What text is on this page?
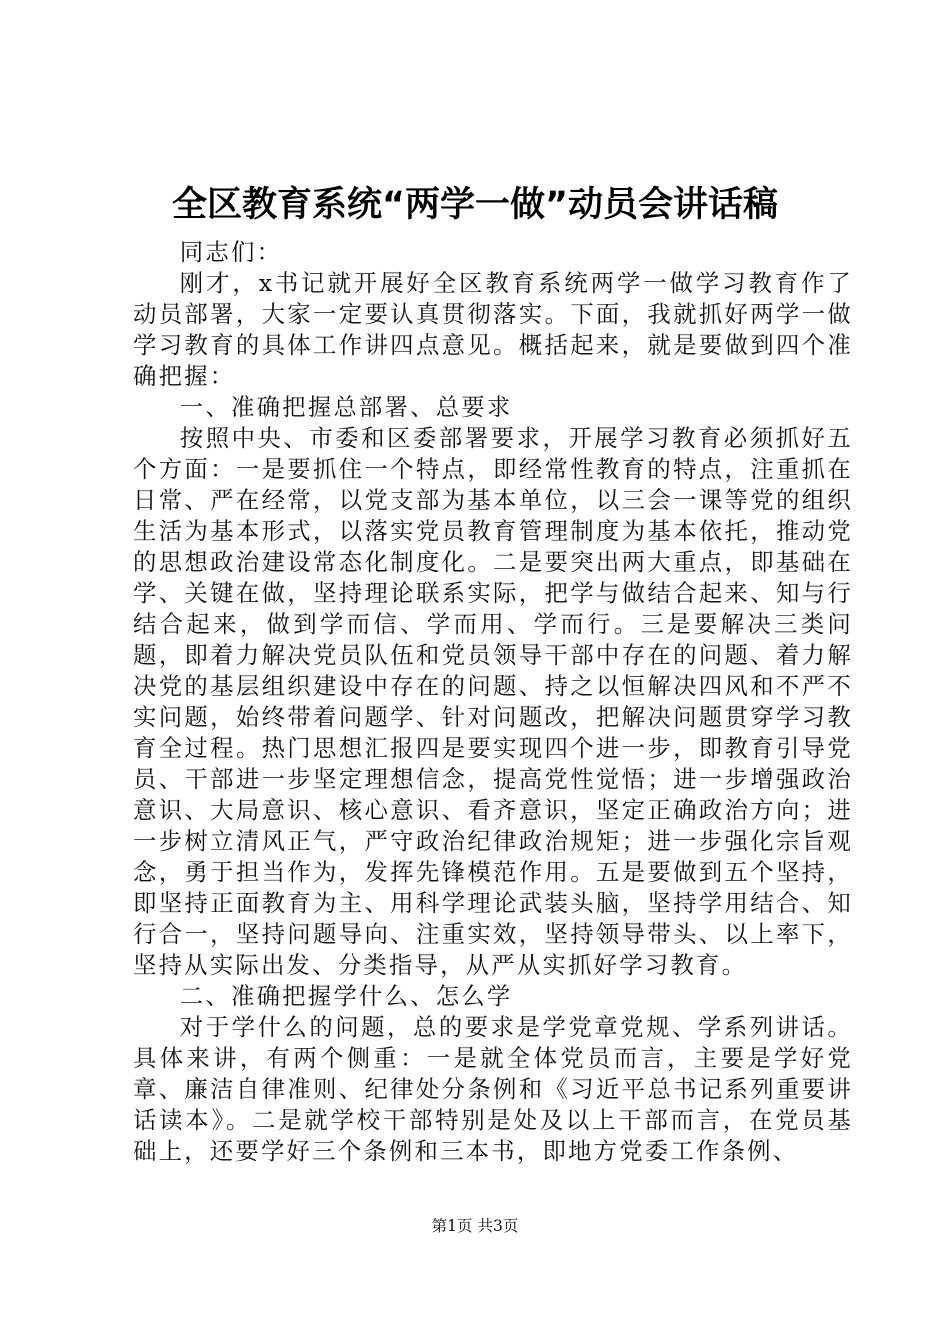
全区教育系统“两学一做”动员会讲话稿

同志们：

刚才，x书记就开展好全区教育系统两学一做学习教育作了动员部署，大家一定要认真贯彻落实。下面，我就抓好两学一做学习教育的具体工作讲四点意见。概括起来，就是要做到四个准确把握：

一、准确把握总部署、总要求

按照中央、市委和区委部署要求，开展学习教育必须抓好五个方面：一是要抓住一个特点，即经常性教育的特点，注重抓在日常、严在经常，以党支部为基本单位，以三会一课等党的组织生活为基本形式，以落实党员教育管理制度为基本依托，推动党的思想政治建设常态化制度化。二是要突出两大重点，即基础在学、关键在做，坚持理论联系实际，把学与做结合起来、知与行结合起来，做到学而信、学而用、学而行。三是要解决三类问题，即着力解决党员队伍和党员领导干部中存在的问题、着力解决党的基层组织建设中存在的问题、持之以恒解决四风和不严不实问题，始终带着问题学、针对问题改，把解决问题贯穿学习教育全过程。热门思想汇报四是要实现四个进一步，即教育引导党员、干部进一步坚定理想信念，提高党性觉悟；进一步增强政治意识、大局意识、核心意识、看齐意识，坚定正确政治方向；进一步树立清风正气，严守政治纪律政治规矩；进一步强化宗旨观念，勇于担当作为，发挥先锋模范作用。五是要做到五个坚持，即坚持正面教育为主、用科学理论武装头脑，坚持学用结合、知行合一，坚持问题导向、注重实效，坚持领导带头、以上率下，坚持从实际出发、分类指导，从严从实抓好学习教育。

二、准确把握学什么、怎么学

对于学什么的问题，总的要求是学党章党规、学系列讲话。具体来讲，有两个侧重：一是就全体党员而言，主要是学好党章、廉洁自律准则、纪律处分条例和《习近平总书记系列重要讲话读本》。二是就学校干部特别是处及以上干部而言，在党员基础上，还要学好三个条例和三本书，即地方党委工作条例、

第1页 共3页
